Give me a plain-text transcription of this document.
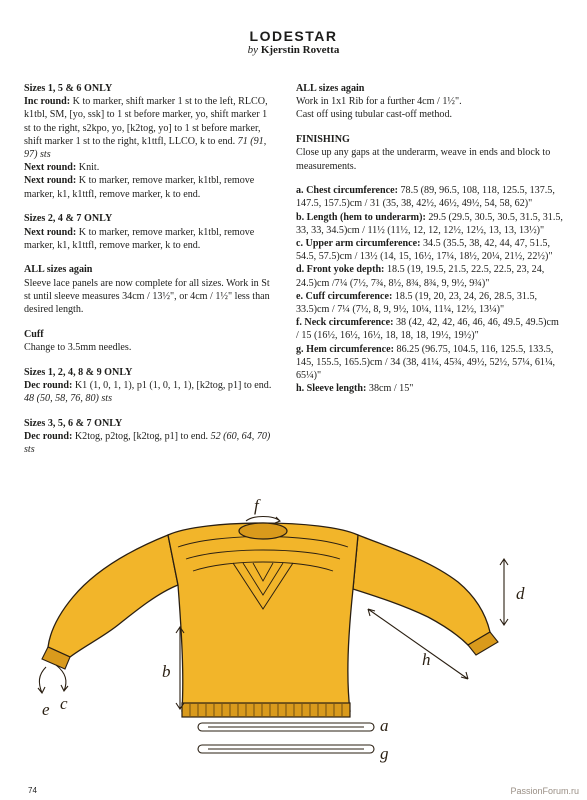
LODESTAR
by Kjerstin Rovetta
Sizes 1, 5 & 6 ONLY
Inc round: K to marker, shift marker 1 st to the left, RLCO, k1tbl, SM, [yo, ssk] to 1 st before marker, yo, shift marker 1 st to the right, s2kpo, yo, [k2tog, yo] to 1 st before marker, shift marker 1 st to the right, k1ttfl, LLCO, k to end. 71 (91, 97) sts
Next round: Knit.
Next round: K to marker, remove marker, k1tbl, remove marker, k1, k1ttfl, remove marker, k to end.
Sizes 2, 4 & 7 ONLY
Next round: K to marker, remove marker, k1tbl, remove marker, k1, k1ttfl, remove marker, k to end.
ALL sizes again
Sleeve lace panels are now complete for all sizes. Work in St st until sleeve measures 34cm / 13½", or 4cm / 1½" less than desired length.
Cuff
Change to 3.5mm needles.
Sizes 1, 2, 4, 8 & 9 ONLY
Dec round: K1 (1, 0, 1, 1), p1 (1, 0, 1, 1), [k2tog, p1] to end. 48 (50, 58, 76, 80) sts
Sizes 3, 5, 6 & 7 ONLY
Dec round: K2tog, p2tog, [k2tog, p1] to end. 52 (60, 64, 70) sts
ALL sizes again
Work in 1x1 Rib for a further 4cm / 1½".
Cast off using tubular cast-off method.
FINISHING
Close up any gaps at the underarm, weave in ends and block to measurements.
a. Chest circumference: 78.5 (89, 96.5, 108, 118, 125.5, 137.5, 147.5, 157.5)cm / 31 (35, 38, 42½, 46½, 49½, 54, 58, 62)"
b. Length (hem to underarm): 29.5 (29.5, 30.5, 30.5, 31.5, 31.5, 33, 33, 34.5)cm / 11½ (11½, 12, 12, 12½, 12½, 13, 13, 13½)"
c. Upper arm circumference: 34.5 (35.5, 38, 42, 44, 47, 51.5, 54.5, 57.5)cm / 13½ (14, 15, 16½, 17¼, 18½, 20¼, 21½, 22½)"
d. Front yoke depth: 18.5 (19, 19.5, 21.5, 22.5, 22.5, 23, 24, 24.5)cm /7¼ (7½, 7¾, 8½, 8¾, 8¾, 9, 9½, 9¾)"
e. Cuff circumference: 18.5 (19, 20, 23, 24, 26, 28.5, 31.5, 33.5)cm / 7¼ (7½, 8, 9, 9½, 10¼, 11¼, 12½, 13¼)"
f. Neck circumference: 38 (42, 42, 42, 46, 46, 46, 49.5, 49.5)cm / 15 (16½, 16½, 16½, 18, 18, 18, 19½, 19½)"
g. Hem circumference: 86.25 (96.75, 104.5, 116, 125.5, 133.5, 145, 155.5, 165.5)cm / 34 (38, 41¼, 45¾, 49½, 52½, 57¼, 61¼, 65¼)"
h. Sleeve length: 38cm / 15"
f
d
h
b
e c
a
g
74	PassionForum.ru
